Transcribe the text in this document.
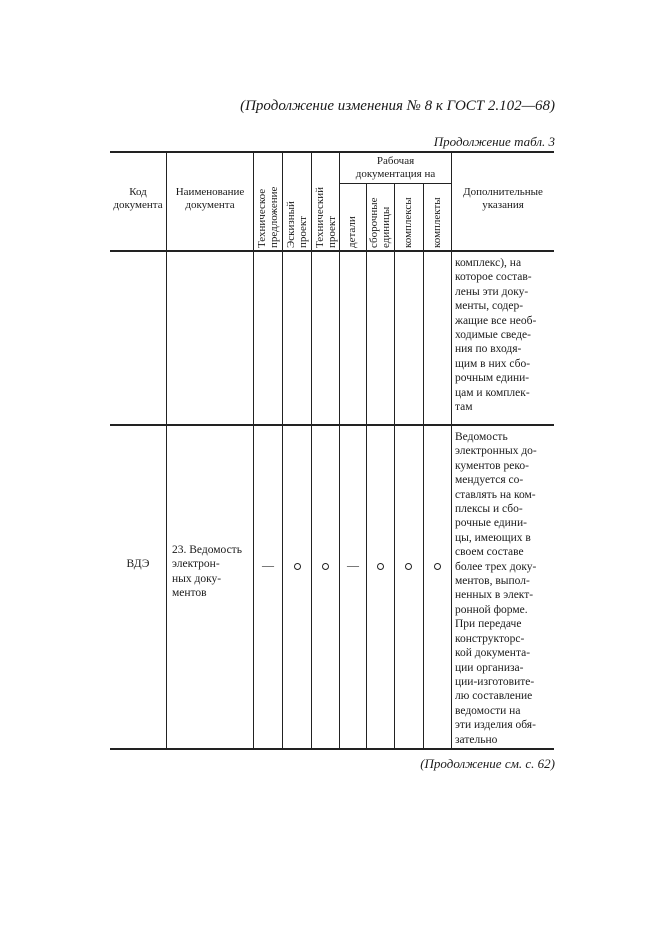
(Продолжение изменения № 8 к ГОСТ 2.102—68)
Продолжение табл. 3
Код
документа
Наименование
документа	Техническое
предложение Эскизный
проект Технический
проект
Рабочая
документация на
детали сборочные
единицы комплексы комплекты
Дополнительные
указания
комплекс), на
которое состав-
лены эти доку-
менты, содер-
жащие все необ-
ходимые сведе-
ния по входя-
щим в них сбо-
рочным едини-
цам и комплек-
там
ВДЭ
23. Ведомость
электрон-
ных доку-
ментов
—	—
Ведомость
электронных до-
кументов реко-
мендуется со-
ставлять на ком-
плексы и сбо-
рочные едини-
цы, имеющих в
своем составе
более трех доку-
ментов, выпол-
ненных в элект-
ронной форме.
При передаче
конструкторс-
кой документа-
ции организа-
ции-изготовите-
лю составление
ведомости на
эти изделия обя-
зательно
(Продолжение см. с. 62)
